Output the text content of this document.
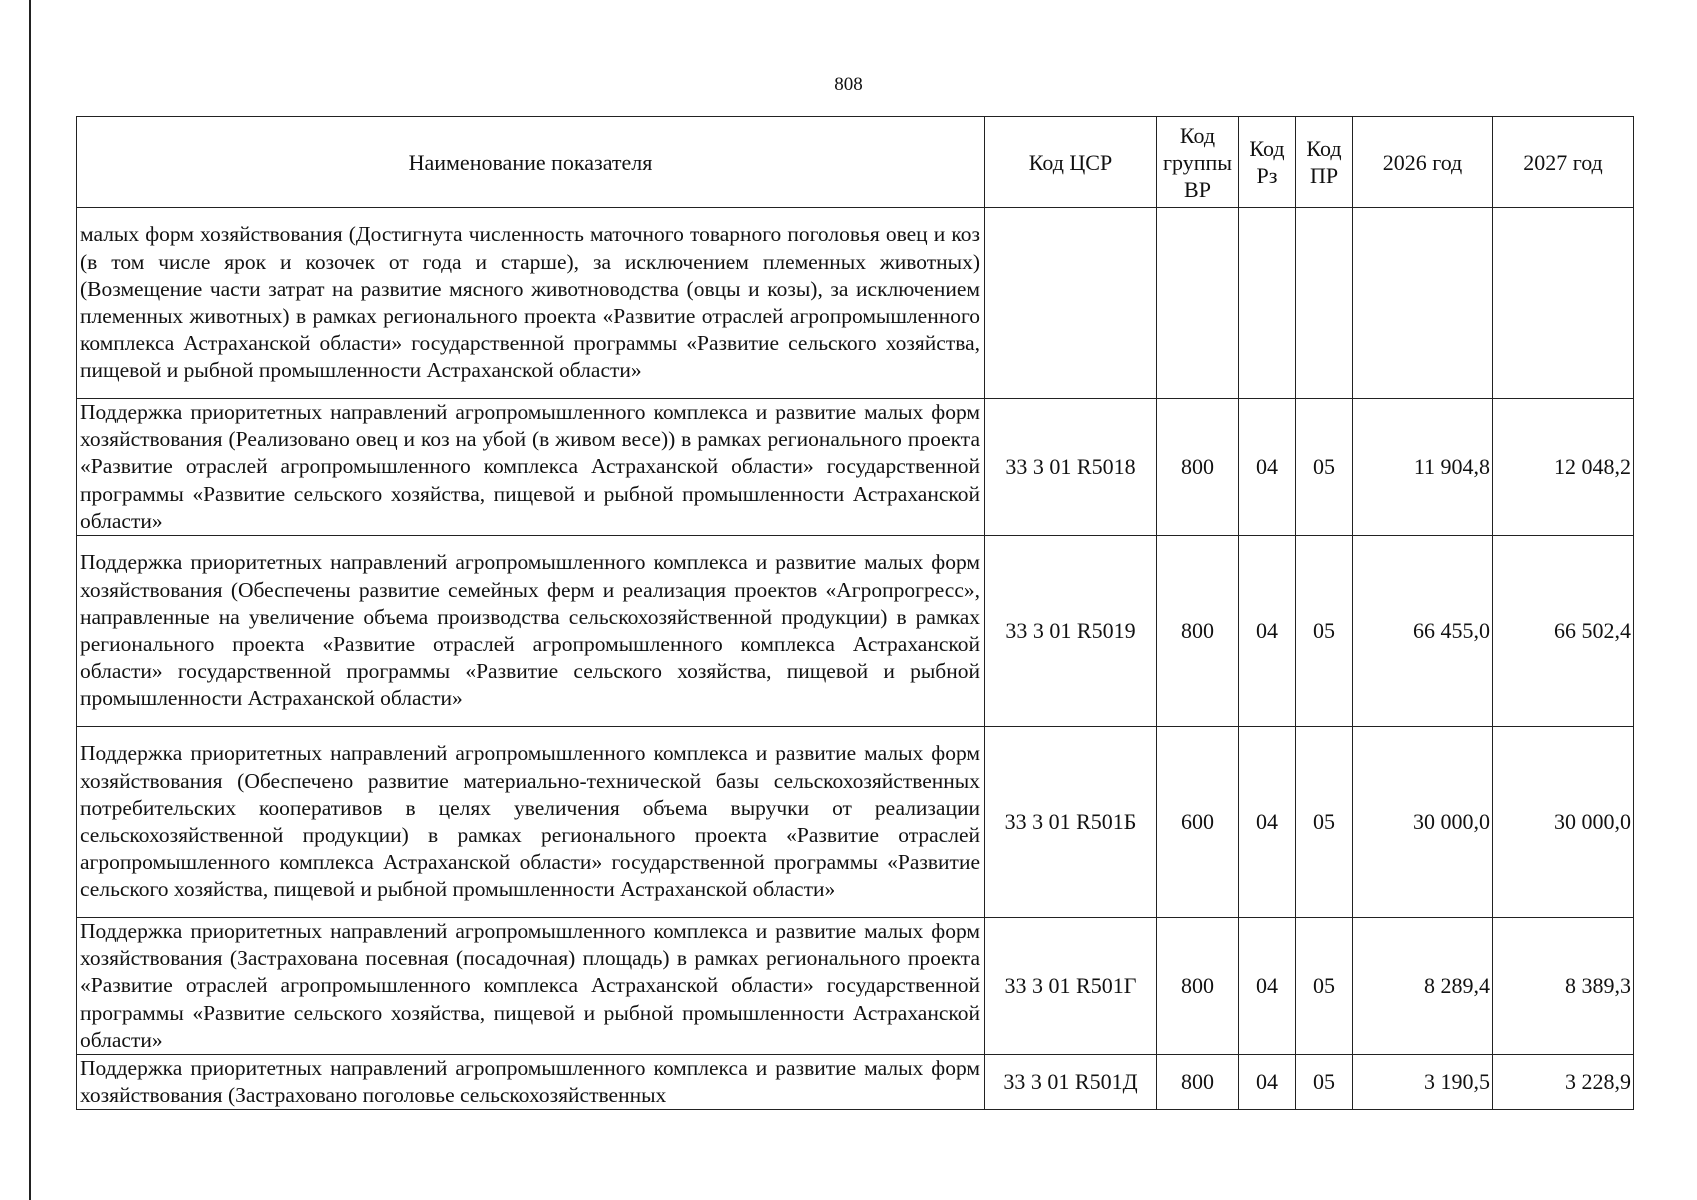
808
Наименование показателя	Код ЦСР	Код группы ВР	Код Рз	Код ПР	2026 год	2027 год
малых форм хозяйствования (Достигнута численность маточного товарного поголовья овец и коз (в том числе ярок и козочек от года и старше), за исключением племенных животных) (Возмещение части затрат на развитие мясного животноводства (овцы и козы), за исключением племенных животных) в рамках регионального проекта «Развитие отраслей агропромышленного комплекса Астраханской области» государственной программы «Развитие сельского хозяйства, пищевой и рыбной промышленности Астраханской области»						
Поддержка приоритетных направлений агропромышленного комплекса и развитие малых форм хозяйствования (Реализовано овец и коз на убой (в живом весе)) в рамках регионального проекта «Развитие отраслей агропромышленного комплекса Астраханской области» государственной программы «Развитие сельского хозяйства, пищевой и рыбной промышленности Астраханской области»	33 3 01 R5018	800	04	05	11 904,8	12 048,2
Поддержка приоритетных направлений агропромышленного комплекса и развитие малых форм хозяйствования (Обеспечены развитие семейных ферм и реализация проектов «Агропрогресс», направленные на увеличение объема производства сельскохозяйственной продукции) в рамках регионального проекта «Развитие отраслей агропромышленного комплекса Астраханской области» государственной программы «Развитие сельского хозяйства, пищевой и рыбной промышленности Астраханской области»	33 3 01 R5019	800	04	05	66 455,0	66 502,4
Поддержка приоритетных направлений агропромышленного комплекса и развитие малых форм хозяйствования (Обеспечено развитие материально-технической базы сельскохозяйственных потребительских кооперативов в целях увеличения объема выручки от реализации сельскохозяйственной продукции) в рамках регионального проекта «Развитие отраслей агропромышленного комплекса Астраханской области» государственной программы «Развитие сельского хозяйства, пищевой и рыбной промышленности Астраханской области»	33 3 01 R501Б	600	04	05	30 000,0	30 000,0
Поддержка приоритетных направлений агропромышленного комплекса и развитие малых форм хозяйствования (Застрахована посевная (посадочная) площадь) в рамках регионального проекта «Развитие отраслей агропромышленного комплекса Астраханской области» государственной программы «Развитие сельского хозяйства, пищевой и рыбной промышленности Астраханской области»	33 3 01 R501Г	800	04	05	8 289,4	8 389,3

Поддержка приоритетных направлений агропромышленного комплекса и развитие малых форм хозяйствования (Застраховано поголовье сельскохозяйственных	33 3 01 R501Д	800	04	05	3 190,5	3 228,9
